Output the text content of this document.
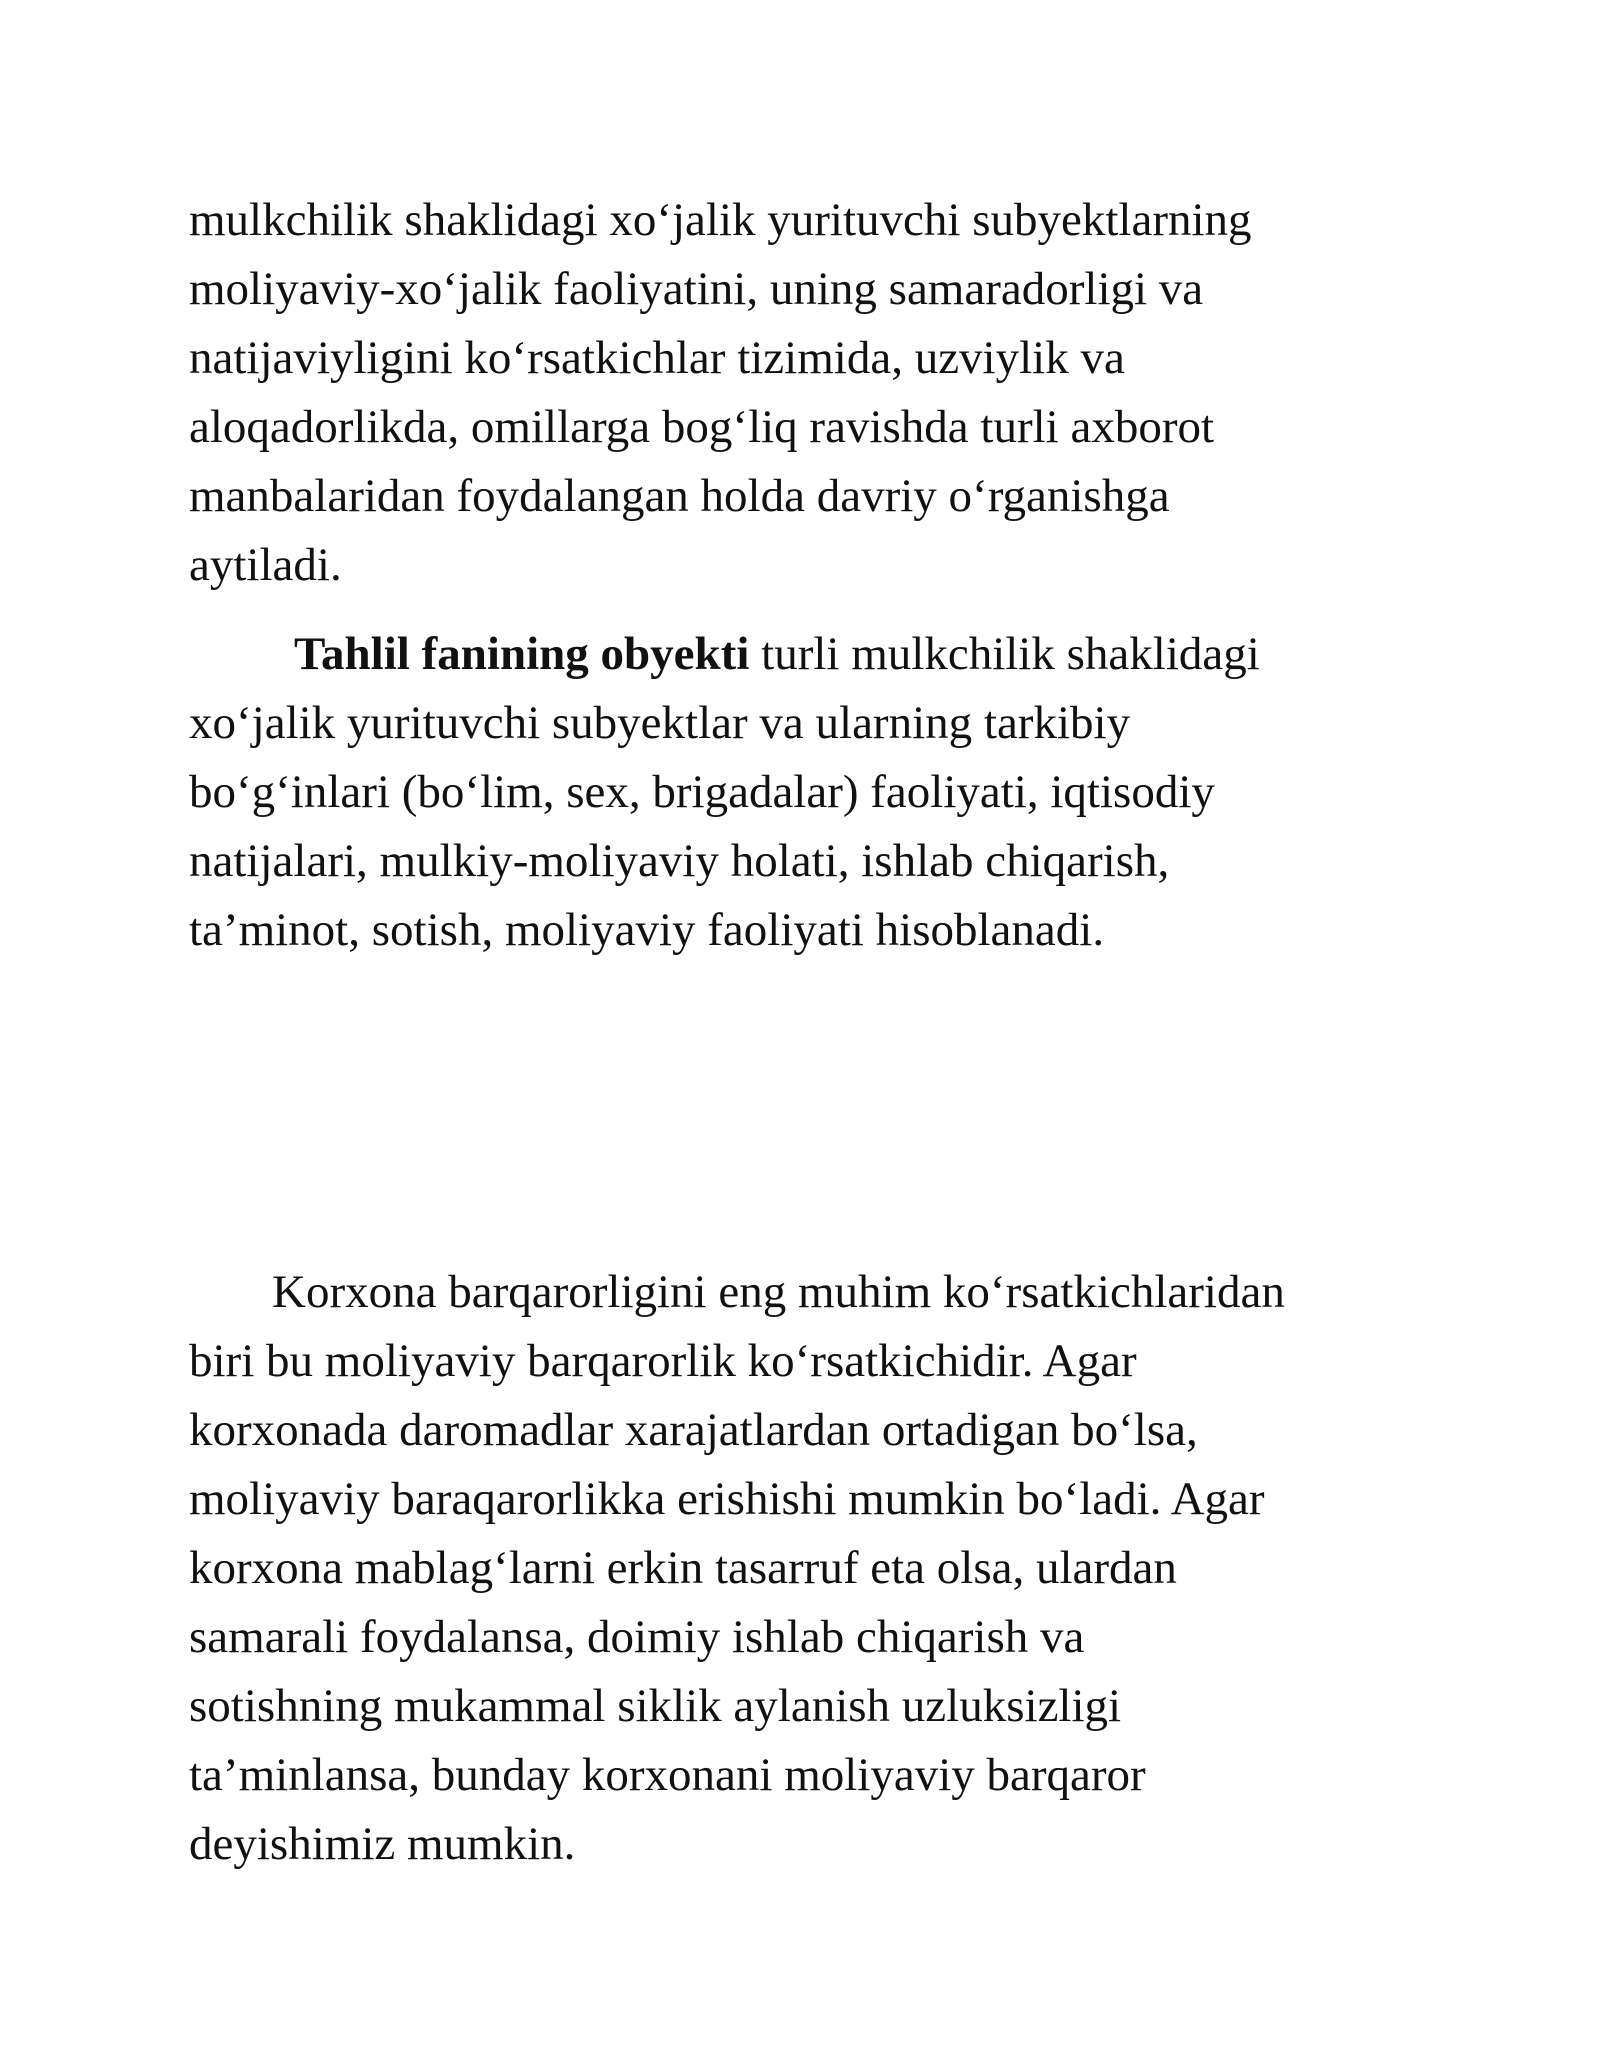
mulkchilik shaklidagi xo‘jalik yurituvchi subyektlarning

moliyaviy-xo‘jalik faoliyatini, uning samaradorligi va

natijaviyligini ko‘rsatkichlar tizimida, uzviylik va

aloqadorlikda, omillarga bog‘liq ravishda turli axborot

manbalaridan foydalangan holda davriy o‘rganishga

aytiladi.

Tahlil fanining obyekti turli mulkchilik shaklidagi

xo‘jalik yurituvchi subyektlar va ularning tarkibiy

bo‘g‘inlari (bo‘lim, sex, brigadalar) faoliyati, iqtisodiy

natijalari, mulkiy-moliyaviy holati, ishlab chiqarish,

ta’minot, sotish, moliyaviy faoliyati hisoblanadi.

Korxona barqarorligini eng muhim ko‘rsatkichlaridan

biri bu moliyaviy barqarorlik ko‘rsatkichidir. Agar

korxonada daromadlar xarajatlardan ortadigan bo‘lsa,

moliyaviy baraqarorlikka erishishi mumkin bo‘ladi. Agar

korxona mablag‘larni erkin tasarruf eta olsa, ulardan

samarali foydalansa, doimiy ishlab chiqarish va

sotishning mukammal siklik aylanish uzluksizligi

ta’minlansa, bunday korxonani moliyaviy barqaror

deyishimiz mumkin.
